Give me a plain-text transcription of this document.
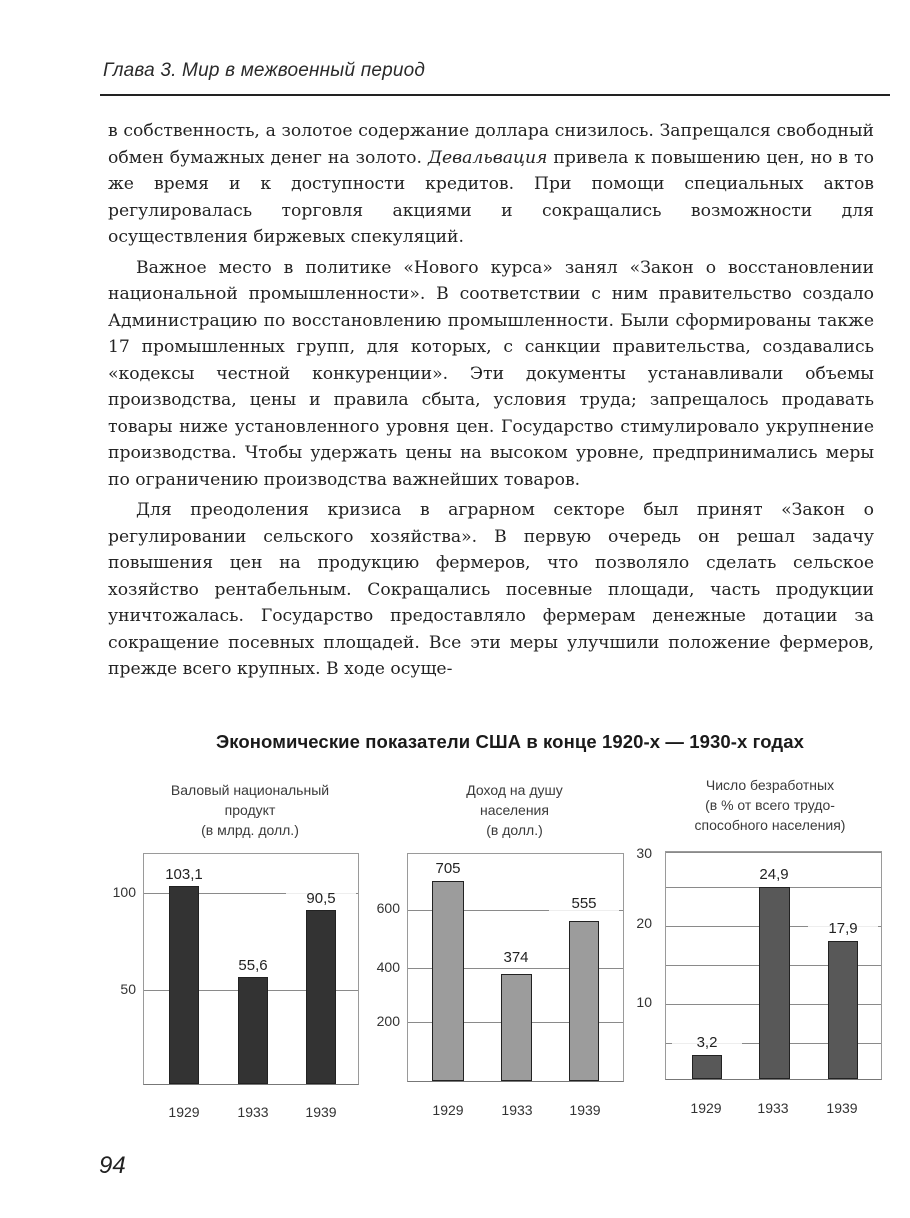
Глава 3. Мир в межвоенный период

в собственность, а золотое содержание доллара снизилось. Запрещался свободный обмен бумажных денег на золото. Девальвация привела к повышению цен, но в то же время и к доступности кредитов. При помощи специальных актов регулировалась торговля акциями и сокращались возможности для осуществления биржевых спекуляций.

Важное место в политике «Нового курса» занял «Закон о восстановлении национальной промышленности». В соответствии с ним правительство создало Администрацию по восстановлению промышленности. Были сформированы также 17 промышленных групп, для которых, с санкции правительства, создавались «кодексы честной конкуренции». Эти документы устанавливали объемы производства, цены и правила сбыта, условия труда; запрещалось продавать товары ниже установленного уровня цен. Государство стимулировало укрупнение производства. Чтобы удержать цены на высоком уровне, предпринимались меры по ограничению производства важнейших товаров.

Для преодоления кризиса в аграрном секторе был принят «Закон о регулировании сельского хозяйства». В первую очередь он решал задачу повышения цен на продукцию фермеров, что позволяло сделать сельское хозяйство рентабельным. Сокращались посевные площади, часть продукции уничтожалась. Государство предоставляло фермерам денежные дотации за сокращение посевных площадей. Все эти меры улучшили положение фермеров, прежде всего крупных. В ходе осуще-

Экономические показатели США в конце 1920-х — 1930-х годах
Валовый национальный
продукт
(в млрд. долл.)
100
50
103,1
55,6
90,5
1929	1933	1939
Доход на душу
населения
(в долл.)
600
400
200
705
374
555
1929	1933	1939
Число безработных
(в % от всего трудо-
способного населения)
30
20
10
3,2
24,9
17,9
1929	1933	1939
94
